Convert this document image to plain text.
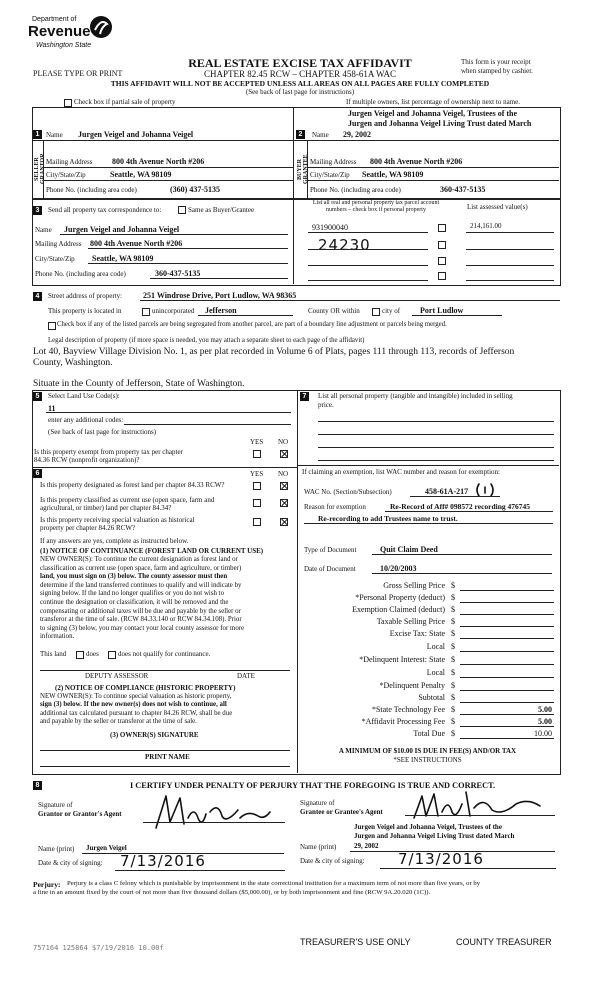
Department of
Revenue
Washington State
REAL ESTATE EXCISE TAX AFFIDAVIT
CHAPTER 82.45 RCW – CHAPTER 458-61A WAC
PLEASE TYPE OR PRINT
This form is your receipt
when stamped by cashier.
THIS AFFIDAVIT WILL NOT BE ACCEPTED UNLESS ALL AREAS ON ALL PAGES ARE FULLY COMPLETED
(See back of last page for instructions)
Check box if partial sale of property	If multiple owners, list percentage of ownership next to name.
1 Name Jurgen Veigel and Johanna Veigel
SELLER GRANTOR Mailing Address 800 4th Avenue North #206
City/State/Zip	Seattle, WA 98109
Phone No. (including area code)	(360) 437-5135
Jurgen Veigel and Johanna Veigel, Trustees of the
Jurgen and Johanna Veigel Living Trust dated March
2	Name 29, 2002
BUYER GRANTEE Mailing Address 800 4th Avenue North #206
City/State/Zip Seattle, WA 98109
Phone No. (including area code)	360-437-5135
3	Send all property tax correspondence to:	Same as Buyer/Grantee
Name Jurgen Veigel and Johanna Veigel
Mailing Address 800 4th Avenue North #206
City/State/Zip Seattle, WA 98109
Phone No. (including area code)	360-437-5135
List all real and personal property tax parcel account
numbers – check box if personal property	List assessed value(s)
931900040	214,161.00
24230
4	Street address of property:	251 Windrose Drive, Port Ludlow, WA 98365
This property is located in	unincorporated Jefferson	County OR within	city of Port Ludlow
Check box if any of the listed parcels are being segregated from another parcel, are part of a boundary line adjustment or parcels being merged.
Legal description of property (if more space is needed, you may attach a separate sheet to each page of the affidavit)
Lot 40, Bayview Village Division No. 1, as per plat recorded in Volume 6 of Plats, pages 111 through 113, records of Jefferson
County, Washington.
Situate in the County of Jefferson, State of Washington.
5	Select Land Use Code(s):
11
enter any additional codes:
(See back of last page for instructions)
YES NO
Is this property exempt from property tax per chapter
84.36 RCW (nonprofit organization)?
6	YES NO
Is this property designated as forest land per chapter 84.33 RCW?
Is this property classified as current use (open space, farm and
agricultural, or timber) land per chapter 84.34?
Is this property receiving special valuation as historical
property per chapter 84.26 RCW?
If any answers are yes, complete as instructed below.
(1) NOTICE OF CONTINUANCE (FOREST LAND OR CURRENT USE)
NEW OWNER(S): To continue the current designation as forest land or
classification as current use (open space, farm and agriculture, or timber)
land, you must sign on (3) below. The county assessor must then
determine if the land transferred continues to qualify and will indicate by
signing below. If the land no longer qualifies or you do not wish to
continue the designation or classification, it will be removed and the
compensating or additional taxes will be due and payable by the seller or
transferor at the time of sale. (RCW 84.33.140 or RCW 84.34.108). Prior
to signing (3) below, you may contact your local county assessor for more
information.
This land	does	does not qualify for continuance.
DEPUTY ASSESSOR	DATE
(2) NOTICE OF COMPLIANCE (HISTORIC PROPERTY)
NEW OWNER(S): To continue special valuation as historic property,
sign (3) below. If the new owner(s) does not wish to continue, all
additional tax calculated pursuant to chapter 84.26 RCW, shall be due
and payable by the seller or transferor at the time of sale.
(3) OWNER(S) SIGNATURE
PRINT NAME
7	List all personal property (tangible and intangible) included in selling
price.
If claiming an exemption, list WAC number and reason for exemption:
WAC No. (Section/Subsection)	458-61A-217
Reason for exemption	Re-Record of Aff# 098572 recording 476745
Re-recording to add Trustees name to trust.
Type of Document	Quit Claim Deed
Date of Document	10/20/2003
Gross Selling Price $
*Personal Property (deduct) $
Exemption Claimed (deduct) $
Taxable Selling Price $
Excise Tax: State $
Local $
*Delinquent Interest: State $
Local $
*Delinquent Penalty $
Subtotal $
*State Technology Fee $	5.00
*Affidavit Processing Fee $	5.00
Total Due $	10.00
A MINIMUM OF $10.00 IS DUE IN FEE(S) AND/OR TAX
*SEE INSTRUCTIONS
8	I CERTIFY UNDER PENALTY OF PERJURY THAT THE FOREGOING IS TRUE AND CORRECT.
Signature of
Grantor or Grantor's Agent
Signature of
Grantee or Grantee's Agent
Jurgen Veigel and Johanna Veigel, Trustees of the
Jurgen and Johanna Veigel Living Trust dated March
Name (print) Jurgen Veigel	Name (print)	29, 2002
Date & city of signing: 7/13/2016	Date & city of signing: 7/13/2016
Perjury: Perjury is a class C felony which is punishable by imprisonment in the state correctional institution for a maximum term of not more than five years, or by
a fine in an amount fixed by the court of not more than five thousand dollars ($5,000.00), or by both imprisonment and fine (RCW 9A.20.020 (1C)).
757164 125864 $7/19/2016 10.00f
TREASURER'S USE ONLY	COUNTY TREASURER
